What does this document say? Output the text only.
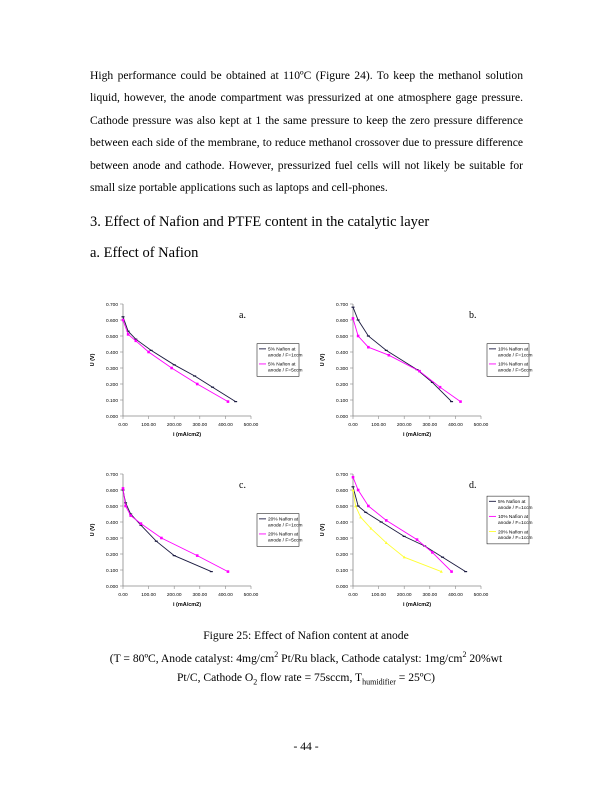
High performance could be obtained at 110ºC (Figure 24). To keep the methanol solution liquid, however, the anode compartment was pressurized at one atmosphere gage pressure. Cathode pressure was also kept at 1 the same pressure to keep the zero pressure difference between each side of the membrane, to reduce methanol crossover due to pressure difference between anode and cathode. However, pressurized fuel cells will not likely be suitable for small size portable applications such as laptops and cell-phones.
3. Effect of Nafion and PTFE content in the catalytic layer
a. Effect of Nafion
0.000
0.100
0.200
0.300
0.400
0.500
0.600
0.700
0.00	100.00 200.00 300.00 400.00 500.00
i (mA/cm2)
U (V)
a.
5% Nafion at
anode / F=1ccm
5% Nafion at
anode / F=5ccm
0.000
0.100
0.200
0.300
0.400
0.500
0.600
0.700
0.00	100.00 200.00 300.00 400.00 500.00
i (mA/cm2)
U (V)
b.
10% Nafion at
anode / F=1ccm
10% Nafion at
anode / F=5ccm
0.000
0.100
0.200
0.300
0.400
0.500
0.600
0.700
0.00	100.00 200.00 300.00 400.00 500.00
i (mA/cm2)
U (V)
c.
20% Nafion at
anode / F=1ccm
20% Nafion at
anode / F=5ccm
0.000
0.100
0.200
0.300
0.400
0.500
0.600
0.700
0.00	100.00 200.00 300.00 400.00 500.00
i (mA/cm2)
U (V)
d.
5% Nafion at
anode / F=1ccm
10% Nafion at
anode / F=1ccm
20% Nafion at
anode / F=1ccm
Figure 25: Effect of Nafion content at anode
(T = 80ºC, Anode catalyst: $4mg/cm^2$ Pt/Ru black, Cathode catalyst: $1mg/cm^2$ 20%wt
Pt/C, Cathode $O_2$ flow rate = 75sccm, $T_{humidifier}$ = 25ºC)
- 44 -
